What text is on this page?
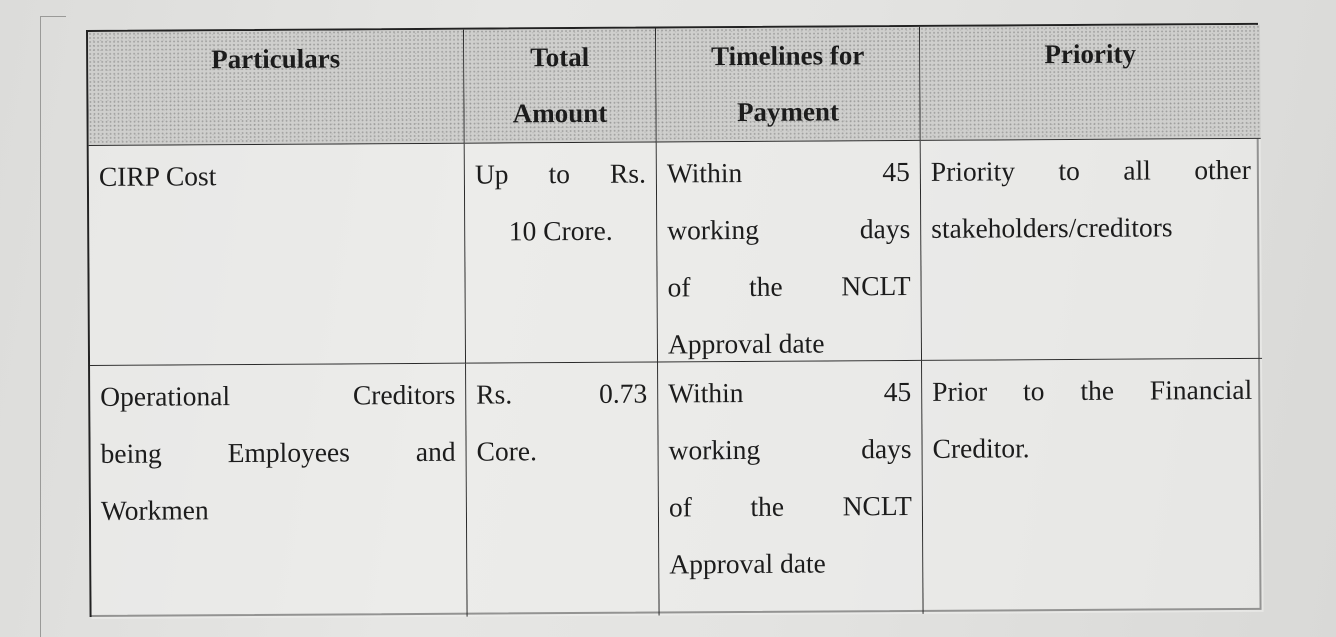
Particulars	Total
Amount
Timelines for
Payment
Priority
CIRP Cost	Up to Rs.
10 Crore.
Within 45
working days
of the NCLT
Approval date
Priority to all other
stakeholders/creditors
Operational Creditors
being Employees and
Workmen
Rs. 0.73
Core.
Within 45
working days
of the NCLT
Approval date
Prior to the Financial
Creditor.
